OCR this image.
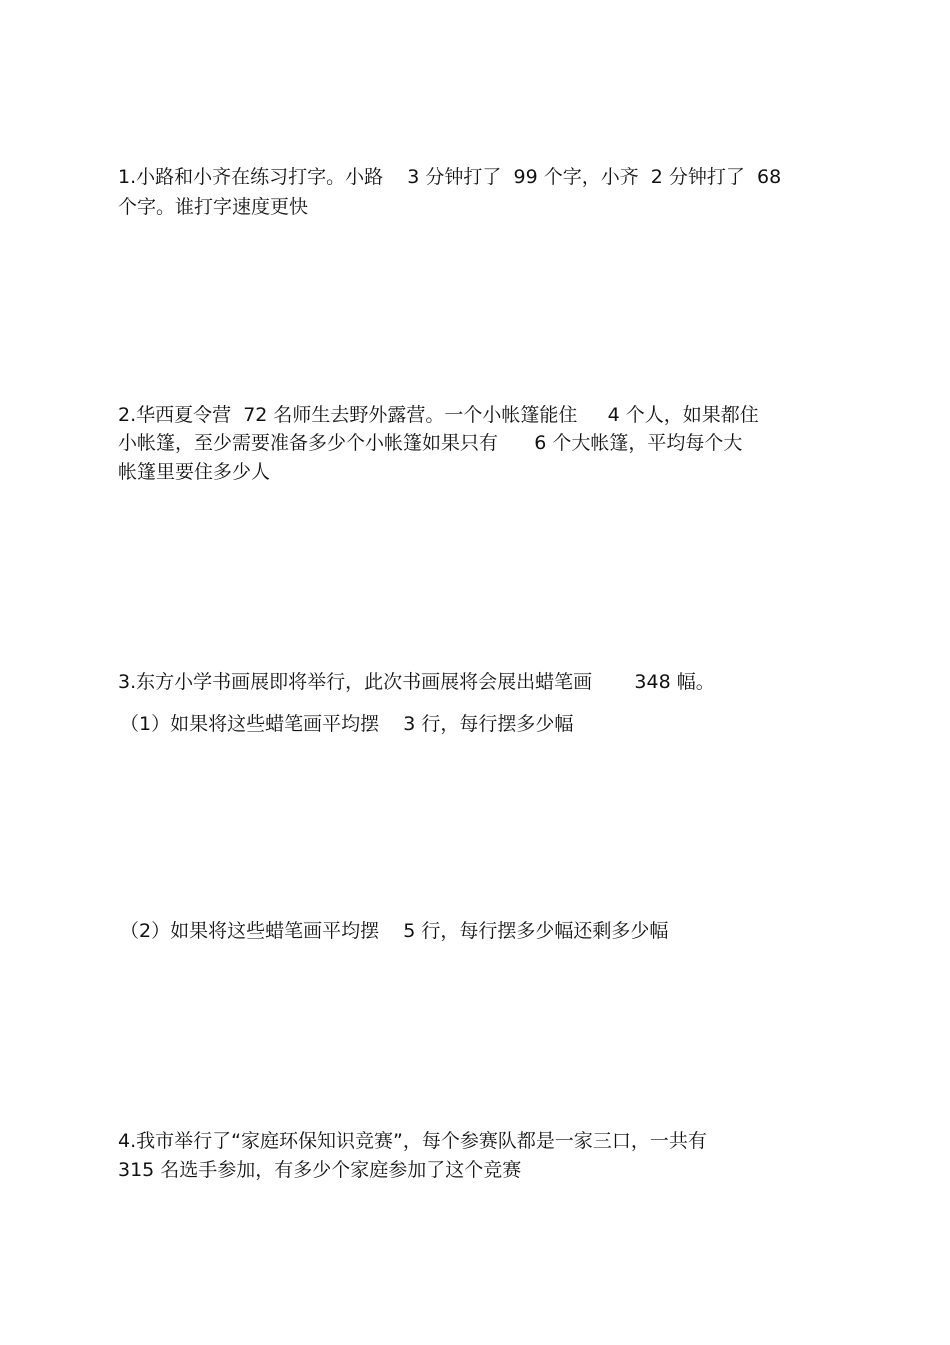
1.小路和小齐在练习打字。小路    3 分钟打了  99 个字，小齐  2 分钟打了  68

个字。谁打字速度更快

2.华西夏令营  72 名师生去野外露营。一个小帐篷能住     4 个人，如果都住

小帐篷，至少需要准备多少个小帐篷如果只有      6 个大帐篷，平均每个大

帐篷里要住多少人

3.东方小学书画展即将举行，此次书画展将会展出蜡笔画       348 幅。

（1）如果将这些蜡笔画平均摆    3 行，每行摆多少幅

（2）如果将这些蜡笔画平均摆    5 行，每行摆多少幅还剩多少幅

4.我市举行了“家庭环保知识竞赛”，每个参赛队都是一家三口，一共有

315 名选手参加，有多少个家庭参加了这个竞赛
